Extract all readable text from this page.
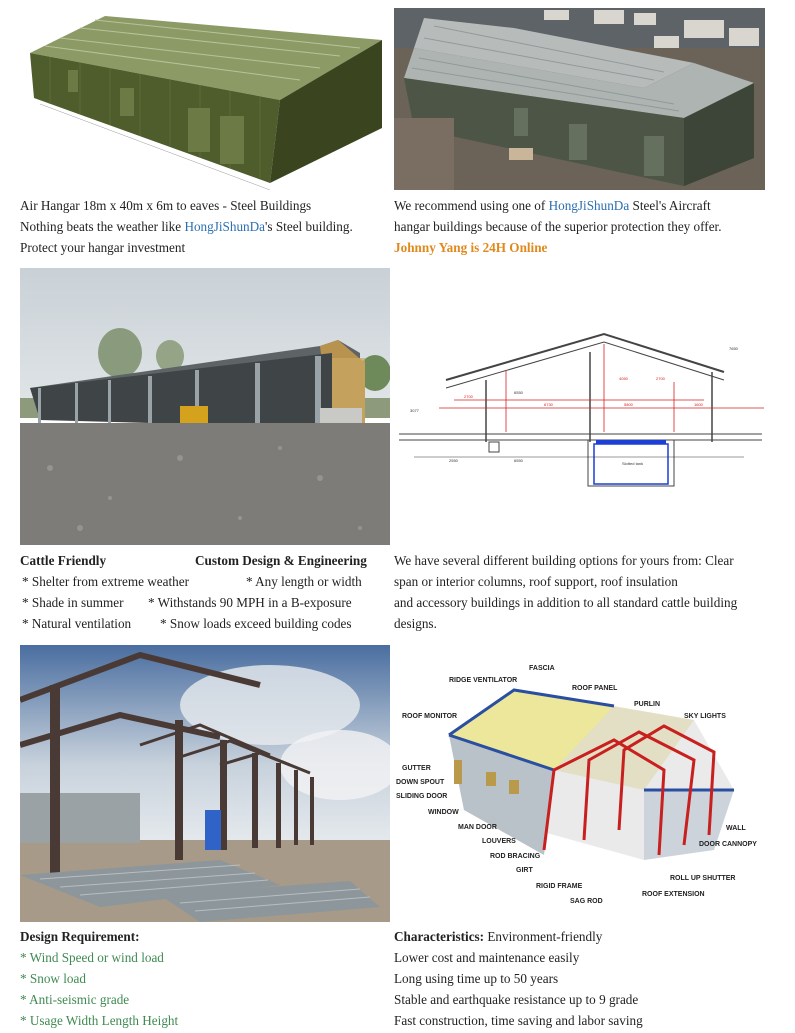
Air Hangar 18m x 40m x 6m to eaves - Steel Buildings
Nothing beats the weather like HongJiShunDa's Steel building.
Protect your hangar investment
We recommend using one of HongJiShunDa Steel's Aircraft
hangar buildings because of the superior protection they offer.
Johnny Yang is 24H Online
2700
6730	5800	1600
4050	2700
7650
3077
6550
6550
2550
Slotted tank
Cattle Friendly	Custom Design & Engineering
* Shelter from extreme weather	* Any length or width
* Shade in summer * Withstands 90 MPH in a B-exposure
* Natural ventilation * Snow loads exceed building codes
We have several different building options for yours from: Clear
span or interior columns, roof support, roof insulation
and accessory buildings in addition to all standard cattle building
designs.
FASCIA
RIDGE VENTILATOR
ROOF PANEL
PURLIN
ROOF MONITOR	SKY LIGHTS
GUTTER
DOWN SPOUT
SLIDING DOOR
WINDOW
MAN DOOR
LOUVERS
ROD BRACING
GIRT
RIGID FRAME
SAG ROD
WALL
DOOR CANNOPY
ROLL UP SHUTTER
ROOF EXTENSION
Design Requirement:
* Wind Speed or wind load
* Snow load
* Anti-seismic grade
* Usage Width Length Height
Characteristics: Environment-friendly
Lower cost and maintenance easily
Long using time up to 50 years
Stable and earthquake resistance up to 9 grade
Fast construction, time saving and labor saving
